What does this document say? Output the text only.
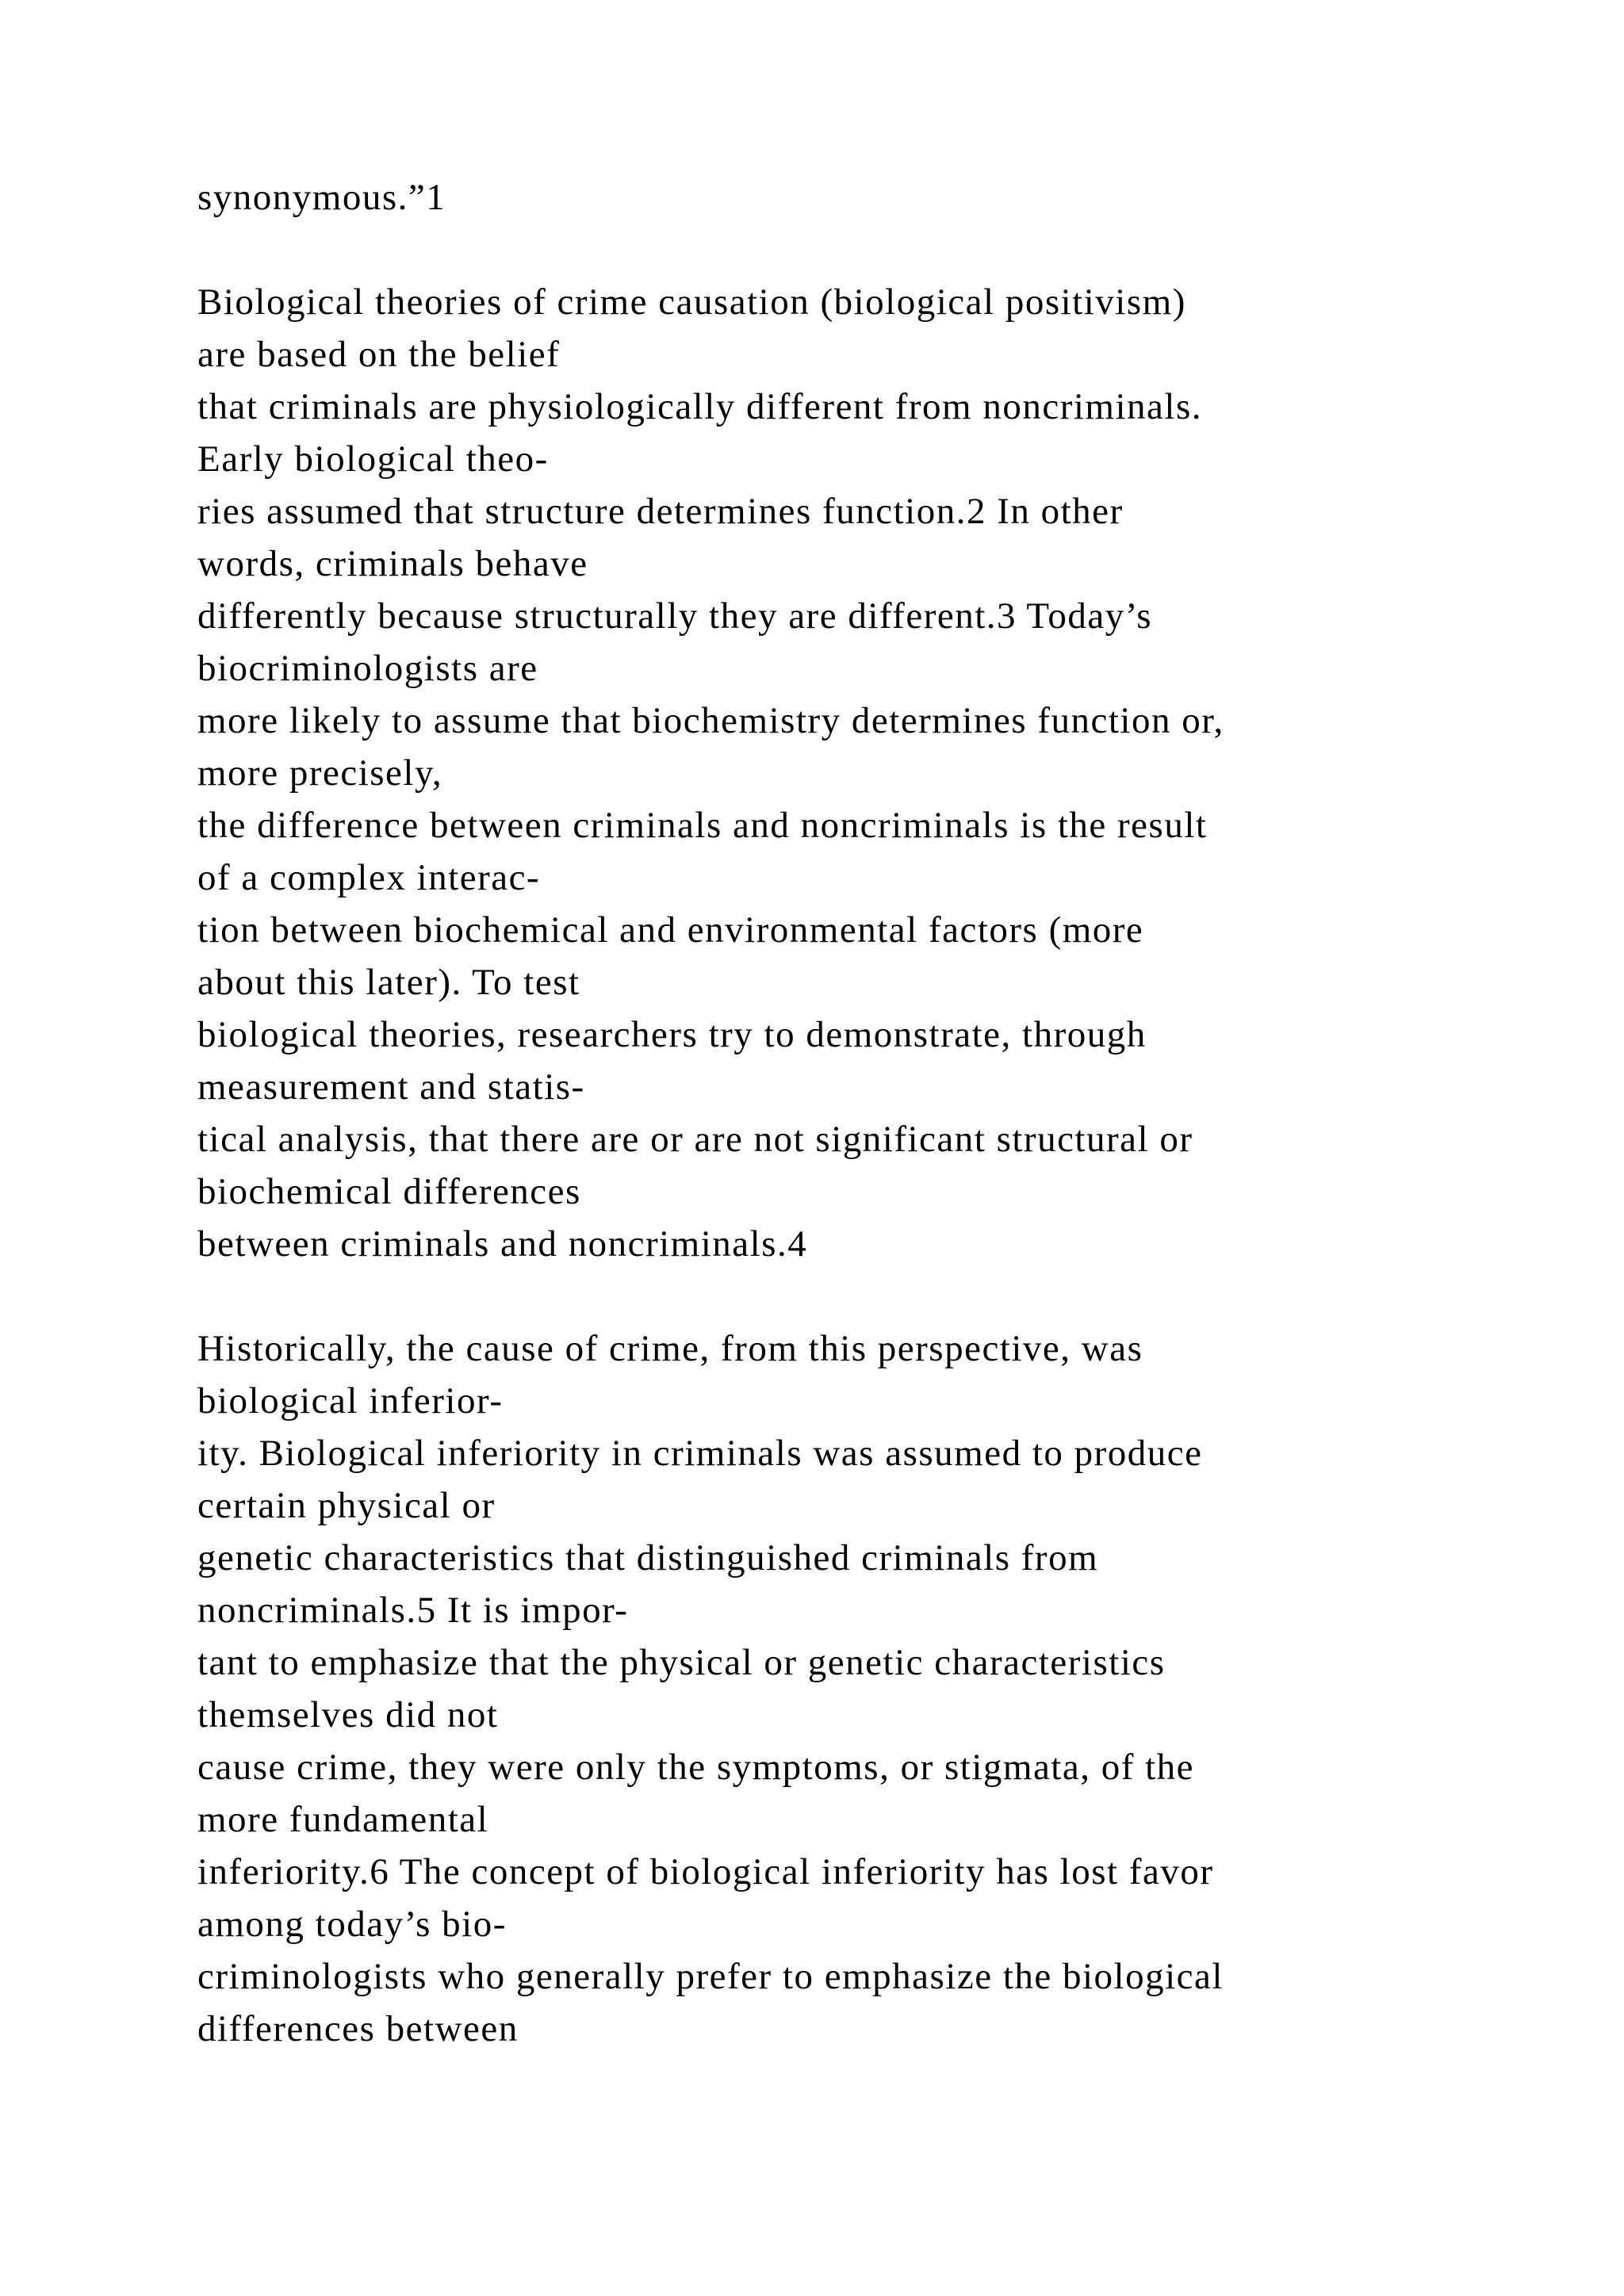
synonymous.”1
Biological theories of crime causation (biological positivism)
are based on the belief
that criminals are physiologically different from noncriminals.
Early biological theo-
ries assumed that structure determines function.2 In other
words, criminals behave
differently because structurally they are different.3 Today’s
biocriminologists are
more likely to assume that biochemistry determines function or,
more precisely,
the difference between criminals and noncriminals is the result
of a complex interac-
tion between biochemical and environmental factors (more
about this later). To test
biological theories, researchers try to demonstrate, through
measurement and statis-
tical analysis, that there are or are not significant structural or
biochemical differences
between criminals and noncriminals.4
Historically, the cause of crime, from this perspective, was
biological inferior-
ity. Biological inferiority in criminals was assumed to produce
certain physical or
genetic characteristics that distinguished criminals from
noncriminals.5 It is impor-
tant to emphasize that the physical or genetic characteristics
themselves did not
cause crime, they were only the symptoms, or stigmata, of the
more fundamental
inferiority.6 The concept of biological inferiority has lost favor
among today’s bio-
criminologists who generally prefer to emphasize the biological
differences between
